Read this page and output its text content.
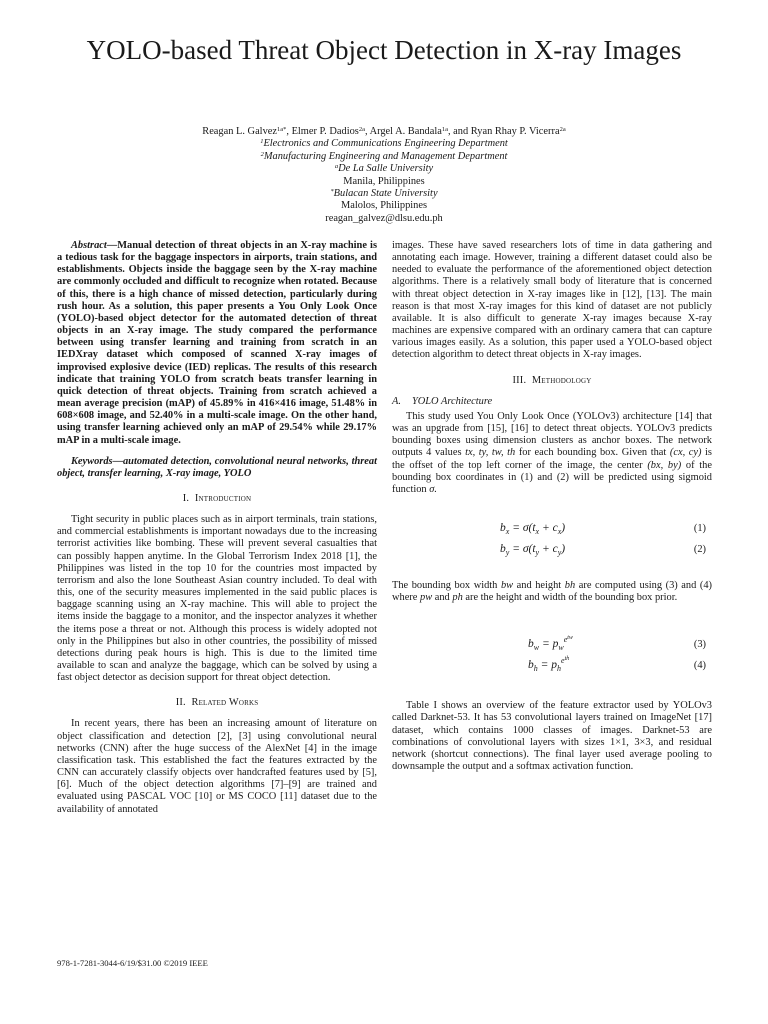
YOLO-based Threat Object Detection in X-ray Images
Reagan L. Galvez$^{1a*}$, Elmer P. Dadios$^{2a}$, Argel A. Bandala$^{1a}$, and Ryan Rhay P. Vicerra$^{2a}$
$^1$Electronics and Communications Engineering Department
$^2$Manufacturing Engineering and Management Department
$^a$De La Salle University
Manila, Philippines
*Bulacan State University
Malolos, Philippines
reagan_galvez@dlsu.edu.ph

Abstract—Manual detection of threat objects in an X-ray machine is a tedious task for the baggage inspectors in airports, train stations, and establishments. Objects inside the baggage seen by the X-ray machine are commonly occluded and difficult to recognize when rotated. Because of this, there is a high chance of missed detection, particularly during rush hour. As a solution, this paper presents a You Only Look Once (YOLO)-based object detector for the automated detection of threat objects in an X-ray image. The study compared the performance between using transfer learning and training from scratch in an IEDXray dataset which composed of scanned X-ray images of improvised explosive device (IED) replicas. The results of this research indicate that training YOLO from scratch beats transfer learning in quick detection of threat objects. Training from scratch achieved a mean average precision (mAP) of 45.89% in 416×416 image, 51.48% in 608×608 image, and 52.40% in a multi-scale image. On the other hand, using transfer learning achieved only an mAP of 29.54% while 29.17% mAP in a multi-scale image.

Keywords—automated detection, convolutional neural networks, threat object, transfer learning, X-ray image, YOLO

I. Introduction

Tight security in public places such as in airport terminals, train stations, and commercial establishments is important nowadays due to the increasing terrorist activities like bombing. These will prevent several casualties that can possibly happen anytime. In the Global Terrorism Index 2018 [1], the Philippines was listed in the top 10 for the countries most impacted by terrorism and also the lone Southeast Asian country included. To deal with this, one of the security measures implemented in the said public places is baggage scanning using an X-ray machine. This will able to project the items inside the baggage to a monitor, and the inspector analyzes it whether the items pose a threat or not. Although this process is widely adopted not only in the Philippines but also in other countries, the possibility of missed detections during peak hours is high. This is due to the limited time available to scan and analyze the baggage, which can be solved by using a fast object detector as decision support for threat object detection.

II. Related Works

In recent years, there has been an increasing amount of literature on object classification and detection [2], [3] using convolutional neural networks (CNN) after the huge success of the AlexNet [4] in the image classification task. This established the fact the features extracted by the CNN can accurately classify objects over handcrafted features used by [5], [6]. Much of the object detection algorithms [7]–[9] are trained and evaluated using PASCAL VOC [10] or MS COCO [11] dataset due to the availability of annotated

images. These have saved researchers lots of time in data gathering and annotating each image. However, training a different dataset could also be needed to evaluate the performance of the aforementioned object detection algorithms. There is a relatively small body of literature that is concerned with threat object detection in X-ray images like in [12], [13]. The main reason is that most X-ray images for this kind of dataset are not publicly available. It is also difficult to generate X-ray images because X-ray machines are expensive compared with an ordinary camera that can capture various images easily. As a solution, this paper used a YOLO-based object detection algorithm to detect threat objects in X-ray images.

III. Methodology
A. YOLO Architecture

This study used You Only Look Once (YOLOv3) architecture [14] that was an upgrade from [15], [16] to detect threat objects. YOLOv3 predicts bounding boxes using dimension clusters as anchor boxes. The network outputs 4 values tx, ty, tw, th for each bounding box. Given that (cx, cy) is the offset of the top left corner of the image, the center (bx, by) of the bounding box coordinates in (1) and (2) will be predicted using sigmoid function σ.

$b_x = \sigma(t_x + c_x)$	(1)
$b_y = \sigma(t_y + c_y)$	(2)

The bounding box width bw and height bh are computed using (3) and (4) where pw and ph are the height and width of the bounding box prior.

$b_w = p_w^{e^{_{tw}}}$
(3)
$b_h = p_h^{e^{_{th}}}$
(4)

Table I shows an overview of the feature extractor used by YOLOv3 called Darknet-53. It has 53 convolutional layers trained on ImageNet [17] dataset, which contains 1000 classes of images. Darknet-53 are combinations of convolutional layers with sizes 1×1, 3×3, and residual network (shortcut connections). The final layer used average pooling to downsample the output and a softmax activation function.

978-1-7281-3044-6/19/$31.00 ©2019 IEEE
